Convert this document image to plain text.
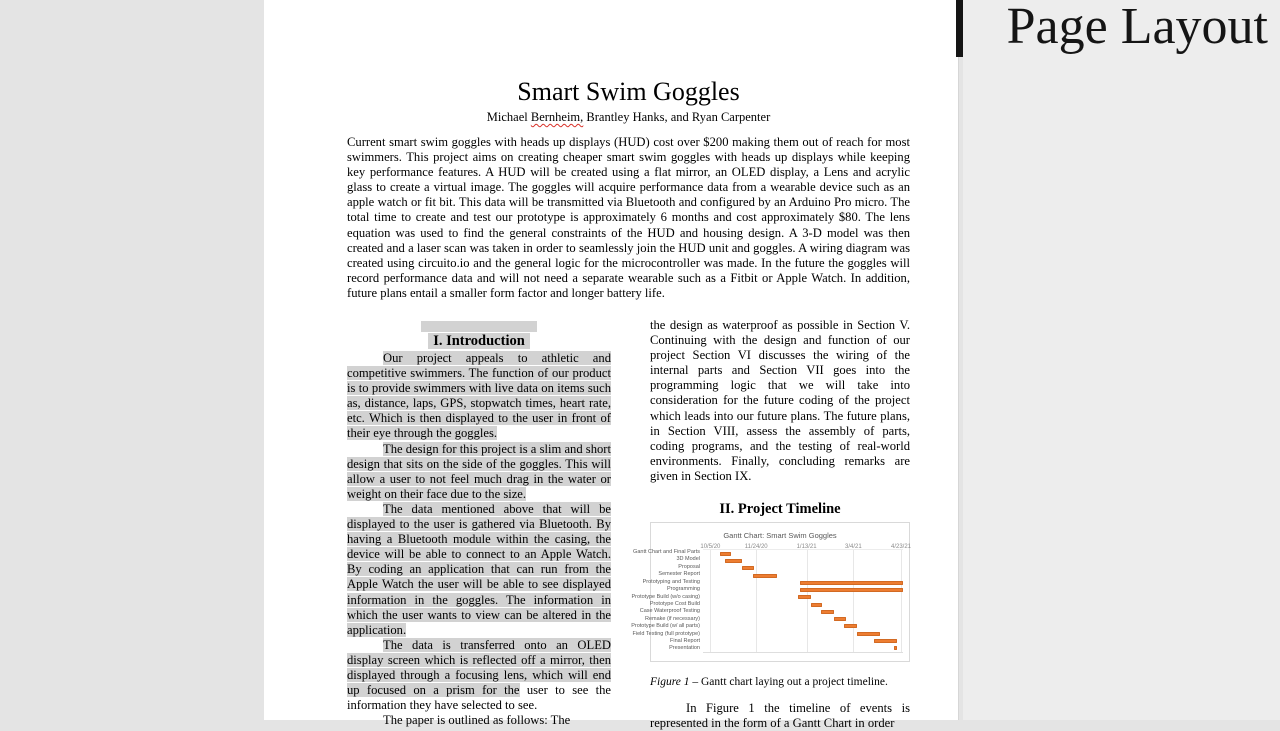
Page Layout
Smart Swim Goggles
Michael Bernheim, Brantley Hanks, and Ryan Carpenter
Current smart swim goggles with heads up displays (HUD) cost over $200 making them out of reach for most swimmers. This project aims on creating cheaper smart swim goggles with heads up displays while keeping key performance features. A HUD will be created using a flat mirror, an OLED display, a Lens and acrylic glass to create a virtual image. The goggles will acquire performance data from a wearable device such as an apple watch or fit bit. This data will be transmitted via Bluetooth and configured by an Arduino Pro micro. The total time to create and test our prototype is approximately 6 months and cost approximately $80. The lens equation was used to find the general constraints of the HUD and housing design. A 3-D model was then created and a laser scan was taken in order to seamlessly join the HUD unit and goggles. A wiring diagram was created using circuito.io and the general logic for the microcontroller was made. In the future the goggles will record performance data and will not need a separate wearable such as a Fitbit or Apple Watch. In addition, future plans entail a smaller form factor and longer battery life.
I. Introduction

Our project appeals to athletic and competitive swimmers. The function of our product is to provide swimmers with live data on items such as, distance, laps, GPS, stopwatch times, heart rate, etc. Which is then displayed to the user in front of their eye through the goggles.

The design for this project is a slim and short design that sits on the side of the goggles. This will allow a user to not feel much drag in the water or weight on their face due to the size.

The data mentioned above that will be displayed to the user is gathered via Bluetooth. By having a Bluetooth module within the casing, the device will be able to connect to an Apple Watch. By coding an application that can run from the Apple Watch the user will be able to see displayed information in the goggles. The information in which the user wants to view can be altered in the application.

The data is transferred onto an OLED display screen which is reflected off a mirror, then displayed through a focusing lens, which will end up focused on a prism for the user to see the information they have selected to see.

The paper is outlined as follows: The

the design as waterproof as possible in Section V. Continuing with the design and function of our project Section VI discusses the wiring of the internal parts and Section VII goes into the programming logic that we will take into consideration for the future coding of the project which leads into our future plans. The future plans, in Section VIII, assess the assembly of parts, coding programs, and the testing of real-world environments. Finally, concluding remarks are given in Section IX.

II. Project Timeline
Gantt Chart: Smart Swim Goggles
Gantt Chart and Final Parts
3D Model
Proposal
Semester Report
Prototyping and Testing
Programming
Prototype Build (w/o casing)
Prototype Cost Build
Case Waterproof Testing
Remake (if necessary)
Prototype Build (w/ all parts)
Field Testing (full prototype)
Final Report
Presentation
10/5/20	11/24/20	1/13/21	3/4/21	4/23/21

Figure 1 – Gantt chart laying out a project timeline.

In Figure 1 the timeline of events is represented in the form of a Gantt Chart in order
